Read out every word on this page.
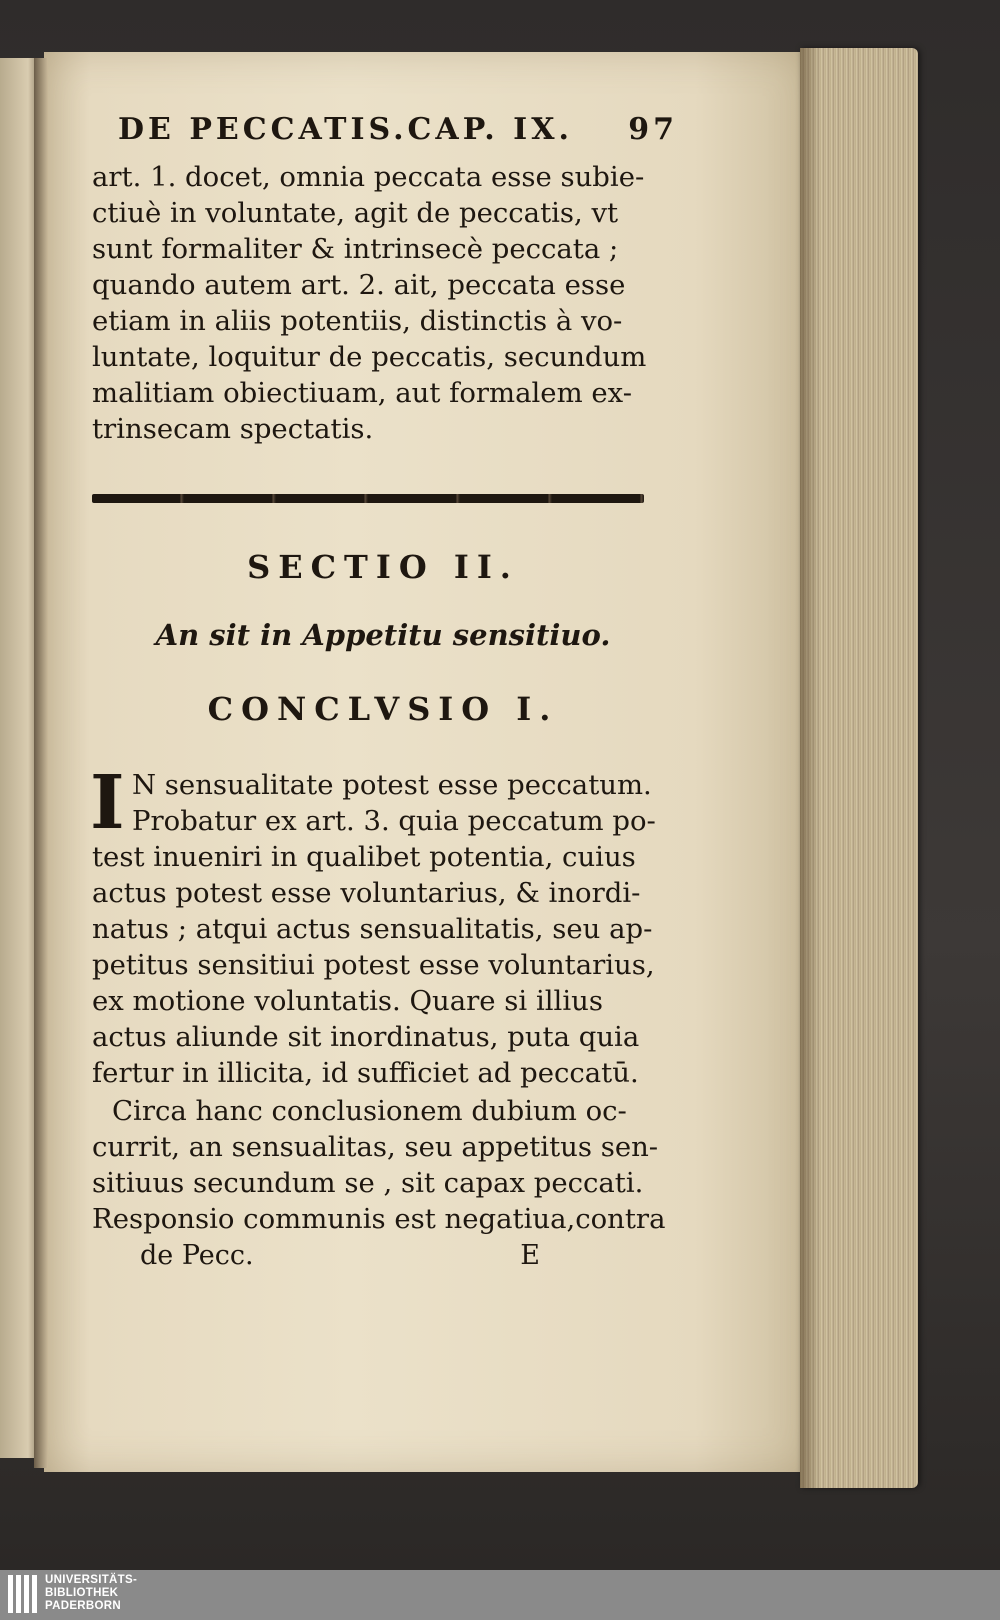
DE PECCATIS.CAP. IX. 97
art. 1. docet, omnia peccata esse subie-
ctiuè in voluntate, agit de peccatis, vt
sunt formaliter & intrinsecè peccata ;
quando autem art. 2. ait, peccata esse
etiam in aliis potentiis, distinctis à vo-
luntate, loquitur de peccatis, secundum
malitiam obiectiuam, aut formalem ex-
trinsecam spectatis.
SECTIO II.
An sit in Appetitu sensitiuo.
CONCLVSIO I.
I N sensualitate potest esse peccatum.
Probatur ex art. 3. quia peccatum po-
test inueniri in qualibet potentia, cuius
actus potest esse voluntarius, & inordi-
natus ; atqui actus sensualitatis, seu ap-
petitus sensitiui potest esse voluntarius,
ex motione voluntatis. Quare si illius
actus aliunde sit inordinatus, puta quia
fertur in illicita, id sufficiet ad peccatū.
Circa hanc conclusionem dubium oc-
currit, an sensualitas, seu appetitus sen-
sitiuus secundum se , sit capax peccati.
Responsio communis est negatiua,contra
de Pecc.	E
UNIVERSITÄTS-
BIBLIOTHEK
PADERBORN
